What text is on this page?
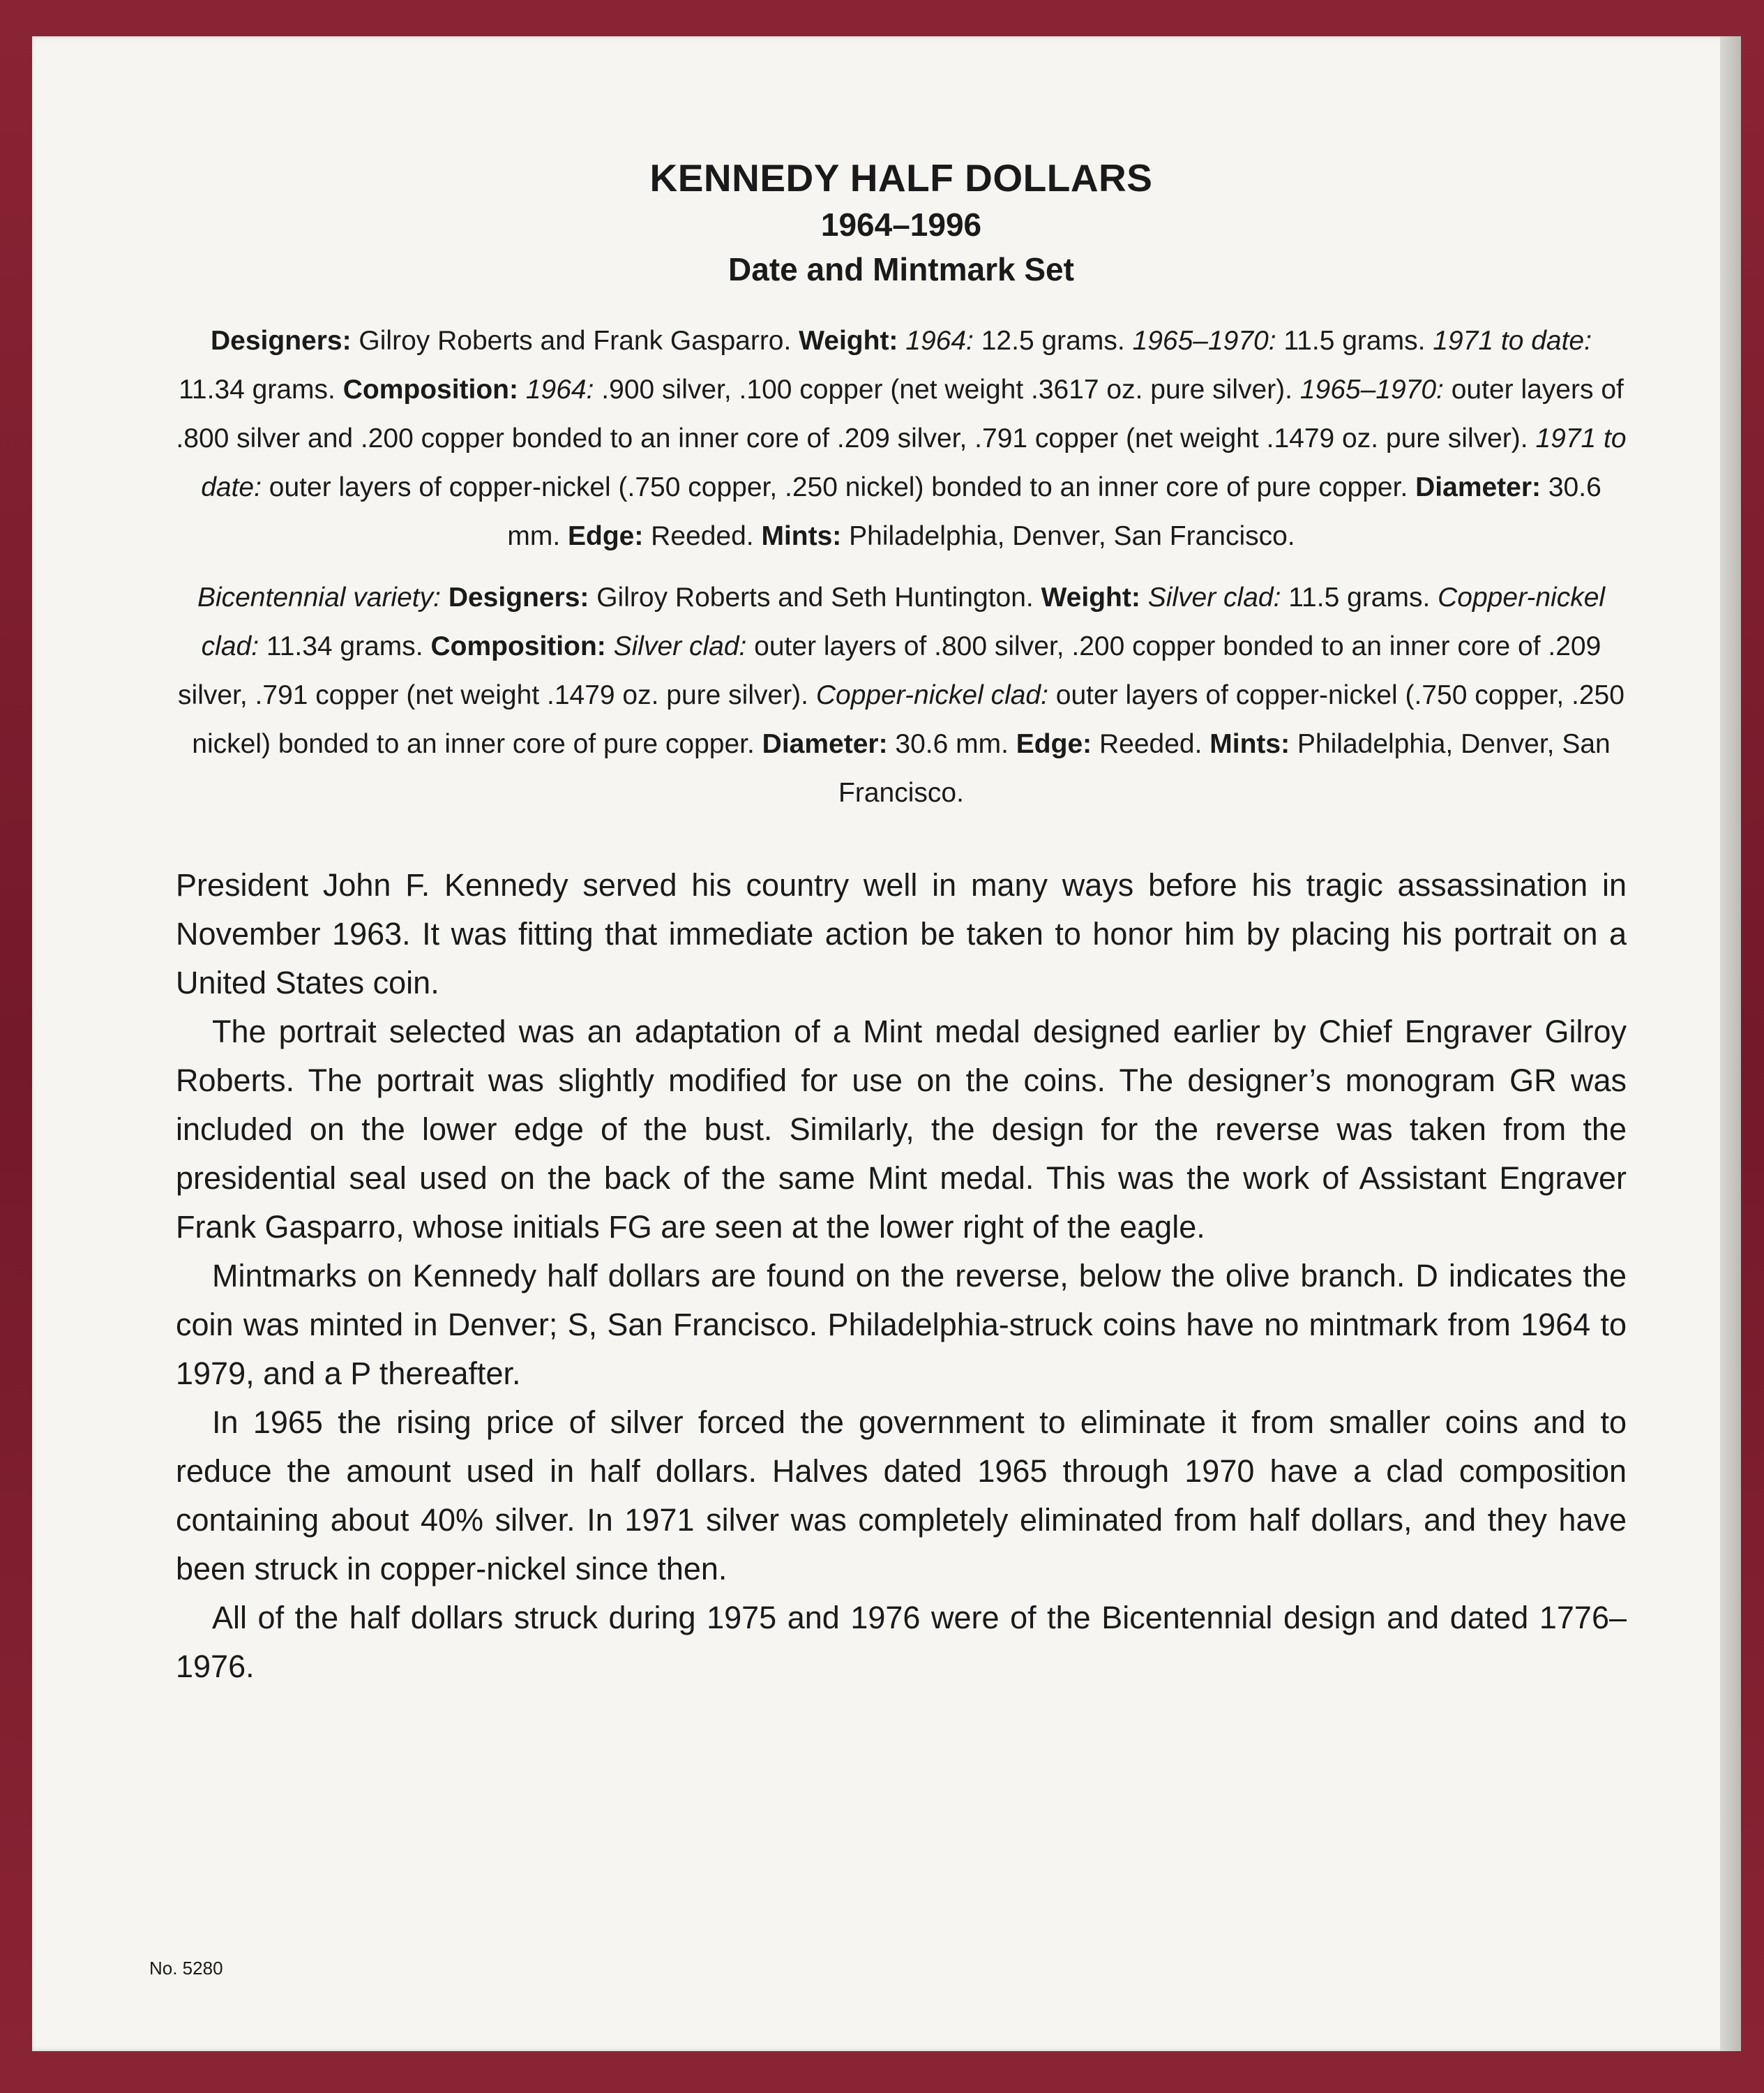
KENNEDY HALF DOLLARS
1964–1996
Date and Mintmark Set

Designers: Gilroy Roberts and Frank Gasparro. Weight: 1964: 12.5 grams. 1965–1970: 11.5 grams. 1971 to date: 11.34 grams. Composition: 1964: .900 silver, .100 copper (net weight .3617 oz. pure silver). 1965–1970: outer layers of .800 silver and .200 copper bonded to an inner core of .209 silver, .791 copper (net weight .1479 oz. pure silver). 1971 to date: outer layers of copper-nickel (.750 copper, .250 nickel) bonded to an inner core of pure copper. Diameter: 30.6 mm. Edge: Reeded. Mints: Philadelphia, Denver, San Francisco.

Bicentennial variety: Designers: Gilroy Roberts and Seth Huntington. Weight: Silver clad: 11.5 grams. Copper-nickel clad: 11.34 grams. Composition: Silver clad: outer layers of .800 silver, .200 copper bonded to an inner core of .209 silver, .791 copper (net weight .1479 oz. pure silver). Copper-nickel clad: outer layers of copper-nickel (.750 copper, .250 nickel) bonded to an inner core of pure copper. Diameter: 30.6 mm. Edge: Reeded. Mints: Philadelphia, Denver, San Francisco.

President John F. Kennedy served his country well in many ways before his tragic assassination in November 1963. It was fitting that immediate action be taken to honor him by placing his portrait on a United States coin.

The portrait selected was an adaptation of a Mint medal designed earlier by Chief Engraver Gilroy Roberts. The portrait was slightly modified for use on the coins. The designer’s monogram GR was included on the lower edge of the bust. Similarly, the design for the reverse was taken from the presidential seal used on the back of the same Mint medal. This was the work of Assistant Engraver Frank Gasparro, whose initials FG are seen at the lower right of the eagle.

Mintmarks on Kennedy half dollars are found on the reverse, below the olive branch. D indicates the coin was minted in Denver; S, San Francisco. Philadelphia-struck coins have no mintmark from 1964 to 1979, and a P thereafter.

In 1965 the rising price of silver forced the government to eliminate it from smaller coins and to reduce the amount used in half dollars. Halves dated 1965 through 1970 have a clad composition containing about 40% silver. In 1971 silver was completely eliminated from half dollars, and they have been struck in copper-nickel since then.

All of the half dollars struck during 1975 and 1976 were of the Bicentennial design and dated 1776–1976.

No. 5280
